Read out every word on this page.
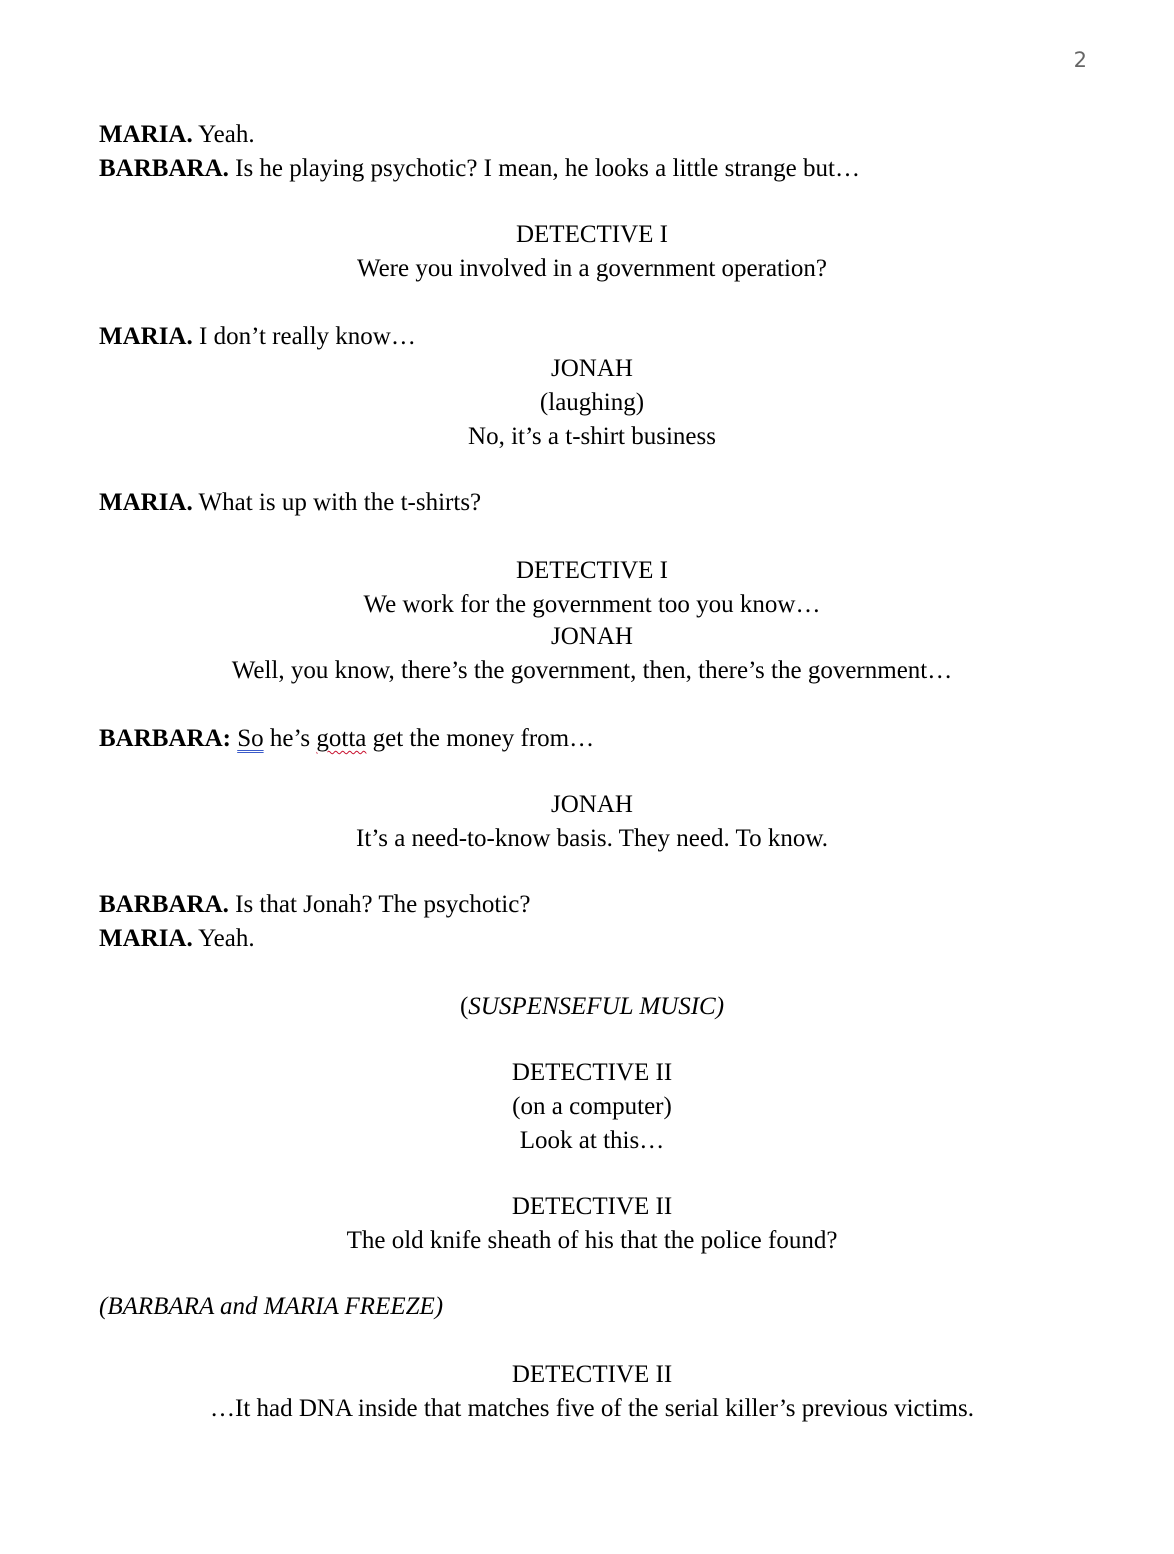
2
MARIA. Yeah.
BARBARA. Is he playing psychotic? I mean, he looks a little strange but…
DETECTIVE I
Were you involved in a government operation?
MARIA. I don’t really know…
JONAH
(laughing)
No, it’s a t-shirt business
MARIA. What is up with the t-shirts?
DETECTIVE I
We work for the government too you know…
JONAH
Well, you know, there’s the government, then, there’s the government…
BARBARA: So he’s gotta get the money from…
JONAH
It’s a need-to-know basis. They need. To know.
BARBARA. Is that Jonah? The psychotic?
MARIA. Yeah.
(SUSPENSEFUL MUSIC)
DETECTIVE II
(on a computer)
Look at this…
DETECTIVE II
The old knife sheath of his that the police found?
(BARBARA and MARIA FREEZE)
DETECTIVE II
…It had DNA inside that matches five of the serial killer’s previous victims.
